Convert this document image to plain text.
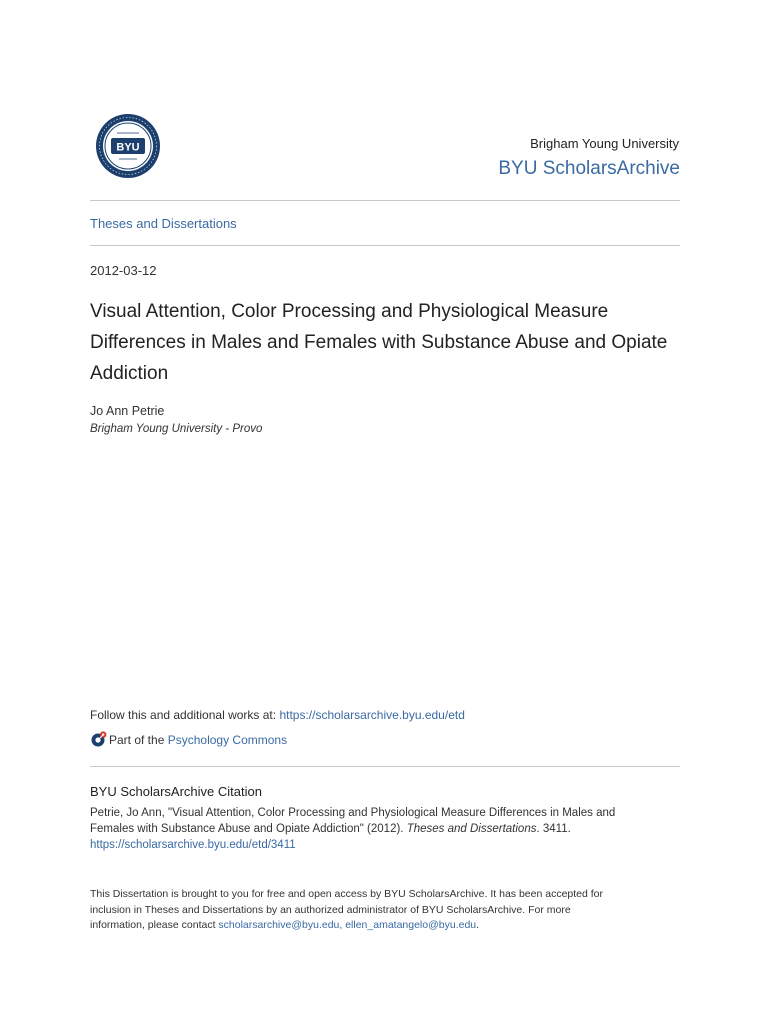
BYU	Brigham Young University
BYU ScholarsArchive
Theses and Dissertations
2012-03-12
Visual Attention, Color Processing and Physiological Measure Differences in Males and Females with Substance Abuse and Opiate Addiction
Jo Ann Petrie
Brigham Young University - Provo
Follow this and additional works at: https://scholarsarchive.byu.edu/etd
Part of the
Psychology Commons
BYU ScholarsArchive Citation
Petrie, Jo Ann, "Visual Attention, Color Processing and Physiological Measure Differences in Males and
Females with Substance Abuse and Opiate Addiction" (2012). Theses and Dissertations. 3411.
https://scholarsarchive.byu.edu/etd/3411
This Dissertation is brought to you for free and open access by BYU ScholarsArchive. It has been accepted for
inclusion in Theses and Dissertations by an authorized administrator of BYU ScholarsArchive. For more
information, please contact scholarsarchive@byu.edu, ellen_amatangelo@byu.edu.
